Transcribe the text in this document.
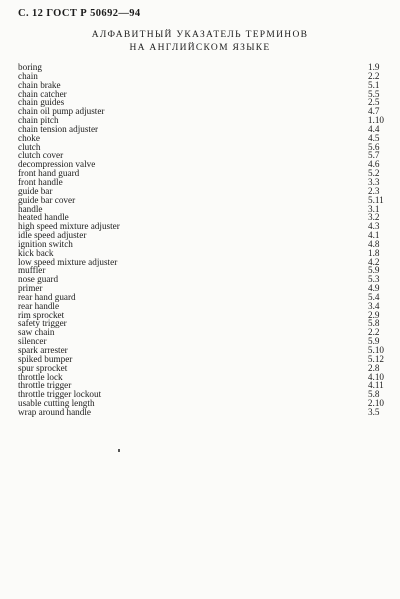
С. 12 ГОСТ Р 50692—94
АЛФАВИТНЫЙ УКАЗАТЕЛЬ ТЕРМИНОВ
НА АНГЛИЙСКОМ ЯЗЫКЕ
boring	1.9
chain	2.2
chain brake	5.1
chain catcher	5.5
chain guides	2.5
chain oil pump adjuster	4.7
chain pitch	1.10
chain tension adjuster	4.4
choke	4.5
clutch	5.6
clutch cover	5.7
decompression valve	4.6
front hand guard	5.2
front handle	3.3
guide bar	2.3
guide bar cover	5.11
handle	3.1
heated handle	3.2
high speed mixture adjuster	4.3
idle speed adjuster	4.1
ignition switch	4.8
kick back	1.8
low speed mixture adjuster	4.2
muffler	5.9
nose guard	5.3
primer	4.9
rear hand guard	5.4
rear handle	3.4
rim sprocket	2.9
safety trigger	5.8
saw chain	2.2
silencer	5.9
spark arrester	5.10
spiked bumper	5.12
spur sprocket	2.8
throttle lock	4.10
throttle trigger	4.11
throttle trigger lockout	5.8
usable cutting length	2.10
wrap around handle	3.5
